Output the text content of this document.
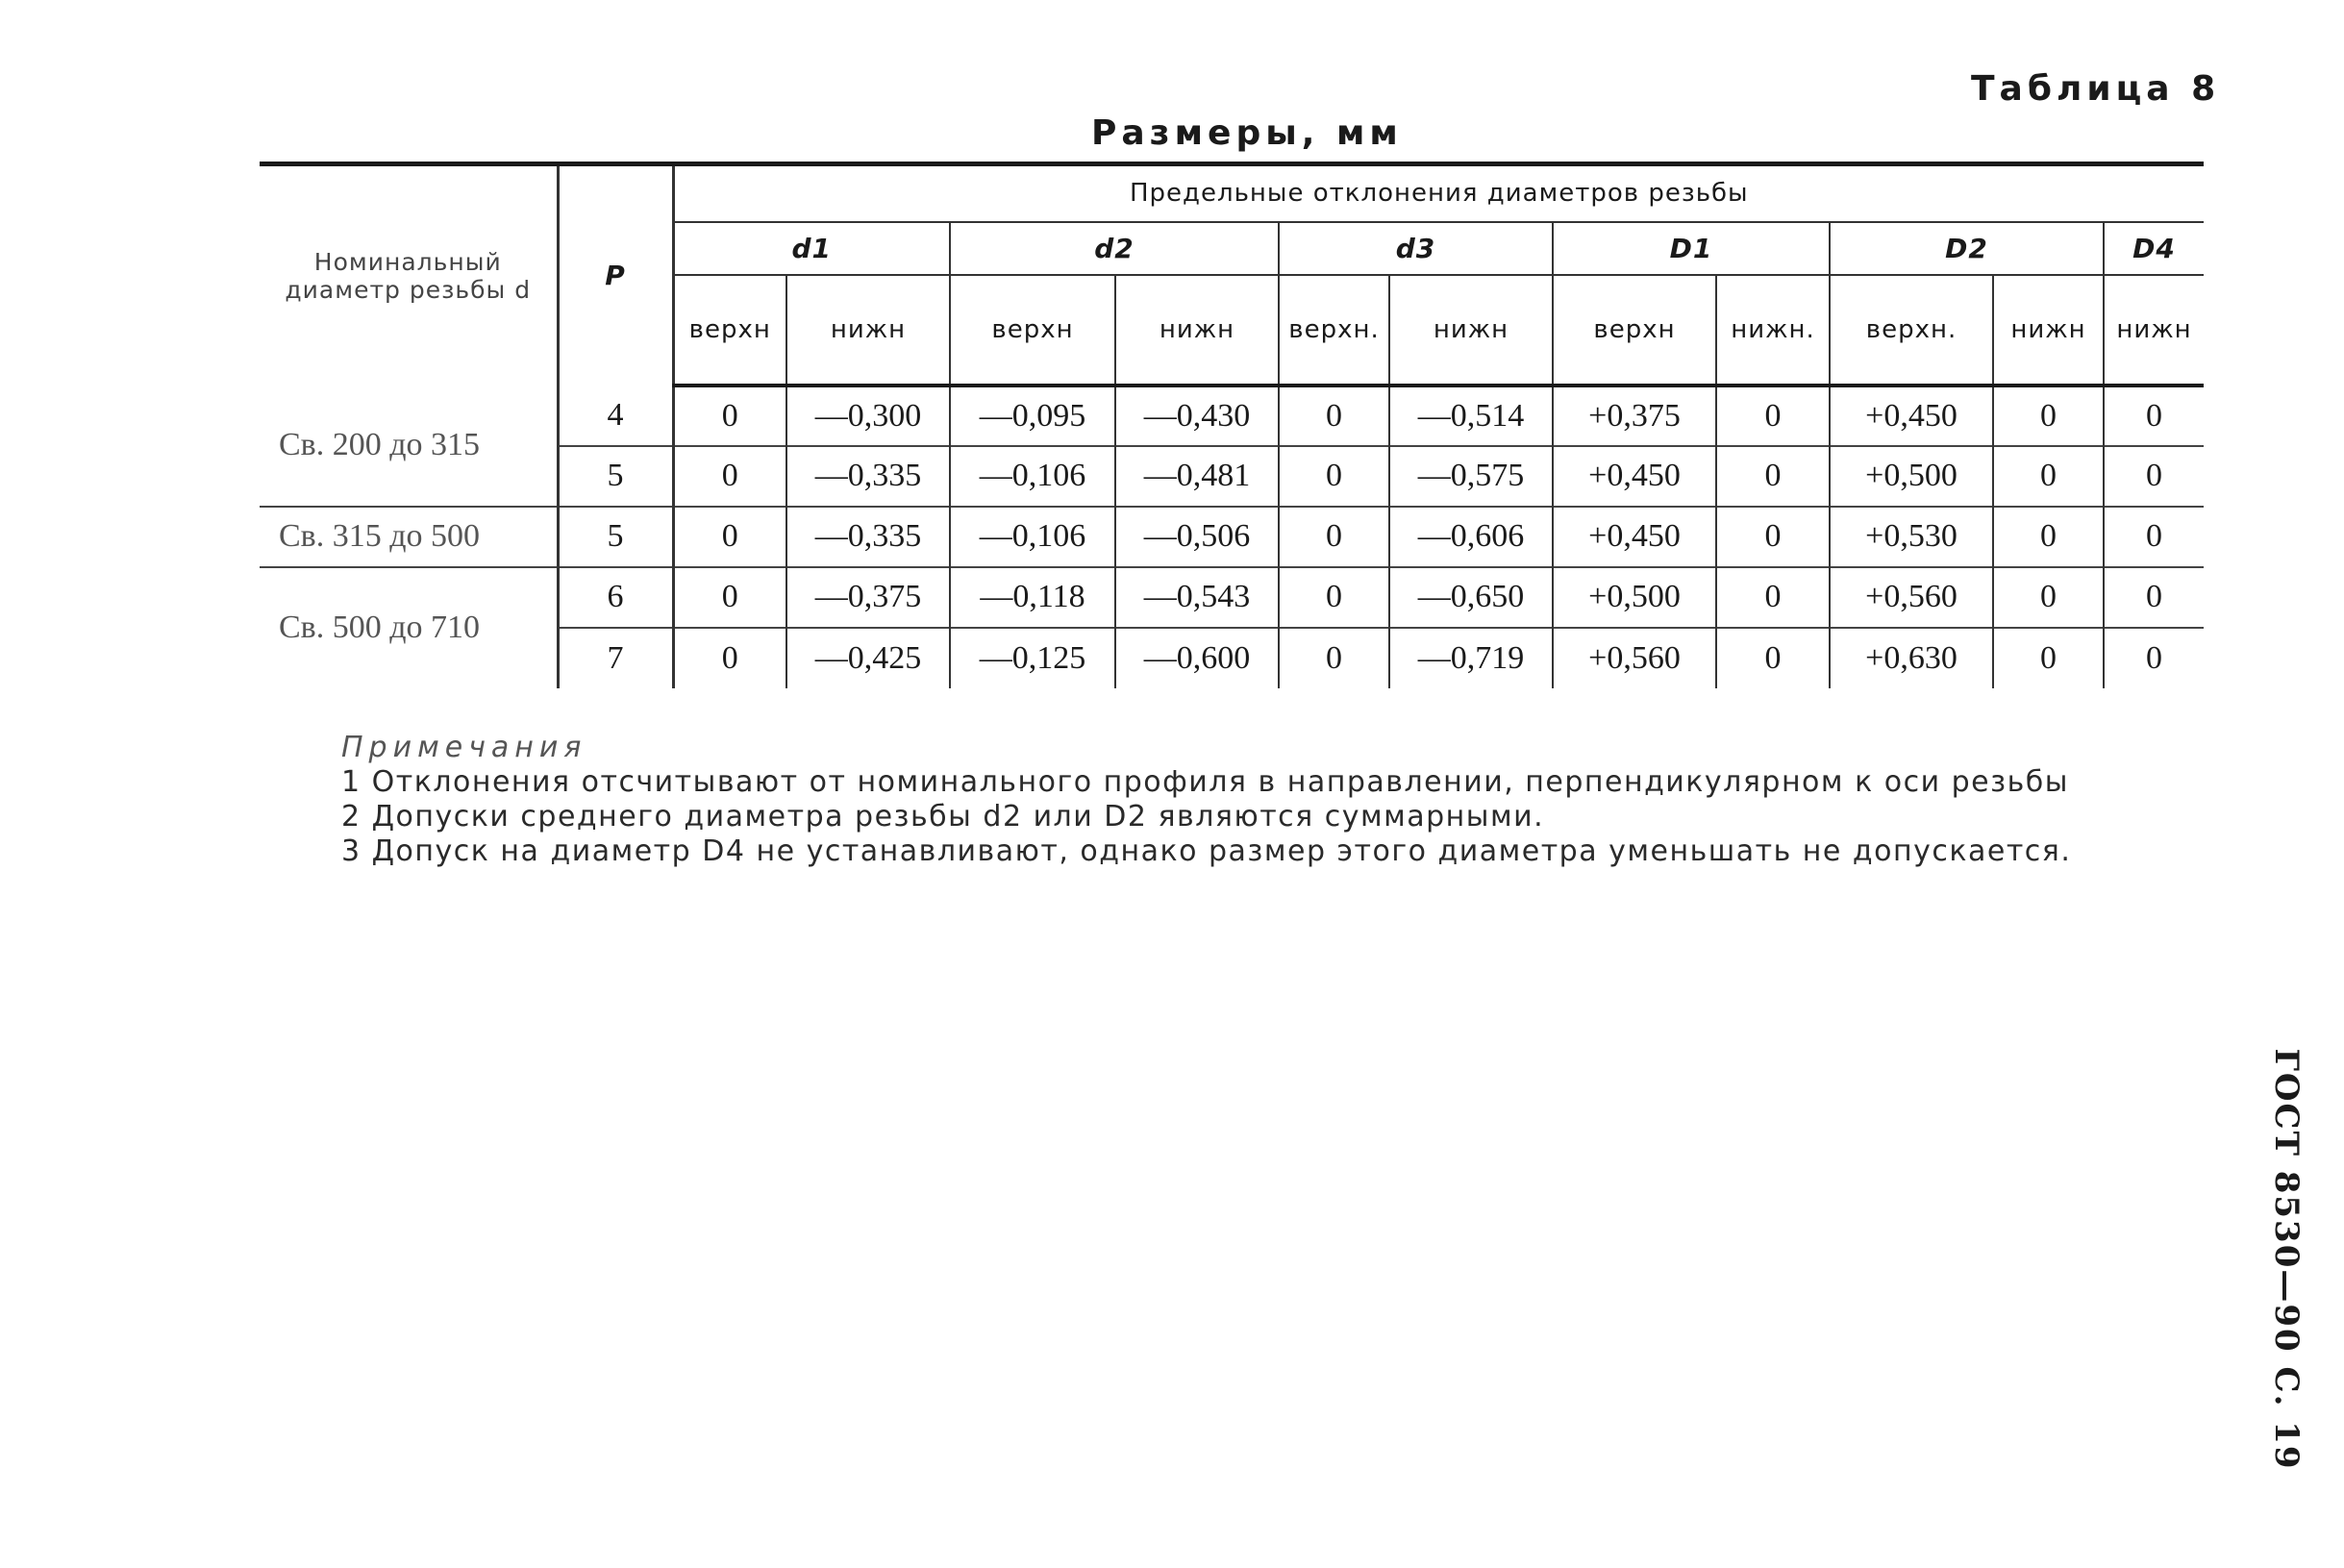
Таблица 8
Размеры, мм
Номинальный диаметр резьбы d	P	Предельные отклонения диаметров резьбы										
		d1		d2		d3		D1		D2		D4
		верхн	нижн	верхн	нижн	верхн.	нижн	верхн	нижн.	верхн.	нижн	нижн
Св. 200 до 315	4	0	—0,300	—0,095	—0,430	0	—0,514	+0,375	0	+0,450	0	0
	5	0	—0,335	—0,106	—0,481	0	—0,575	+0,450	0	+0,500	0	0
Св. 315 до 500	5	0	—0,335	—0,106	—0,506	0	—0,606	+0,450	0	+0,530	0	0
Св. 500 до 710	6	0	—0,375	—0,118	—0,543	0	—0,650	+0,500	0	+0,560	0	0
	7	0	—0,425	—0,125	—0,600	0	—0,719	+0,560	0	+0,630	0	0
Примечания
1 Отклонения отсчитывают от номинального профиля в направлении, перпендикулярном к оси резьбы
2 Допуски среднего диаметра резьбы d2 или D2 являются суммарными.
3 Допуск на диаметр D4 не устанавливают, однако размер этого диаметра уменьшать не допускается.
ГОСТ 8530—90 С. 19
